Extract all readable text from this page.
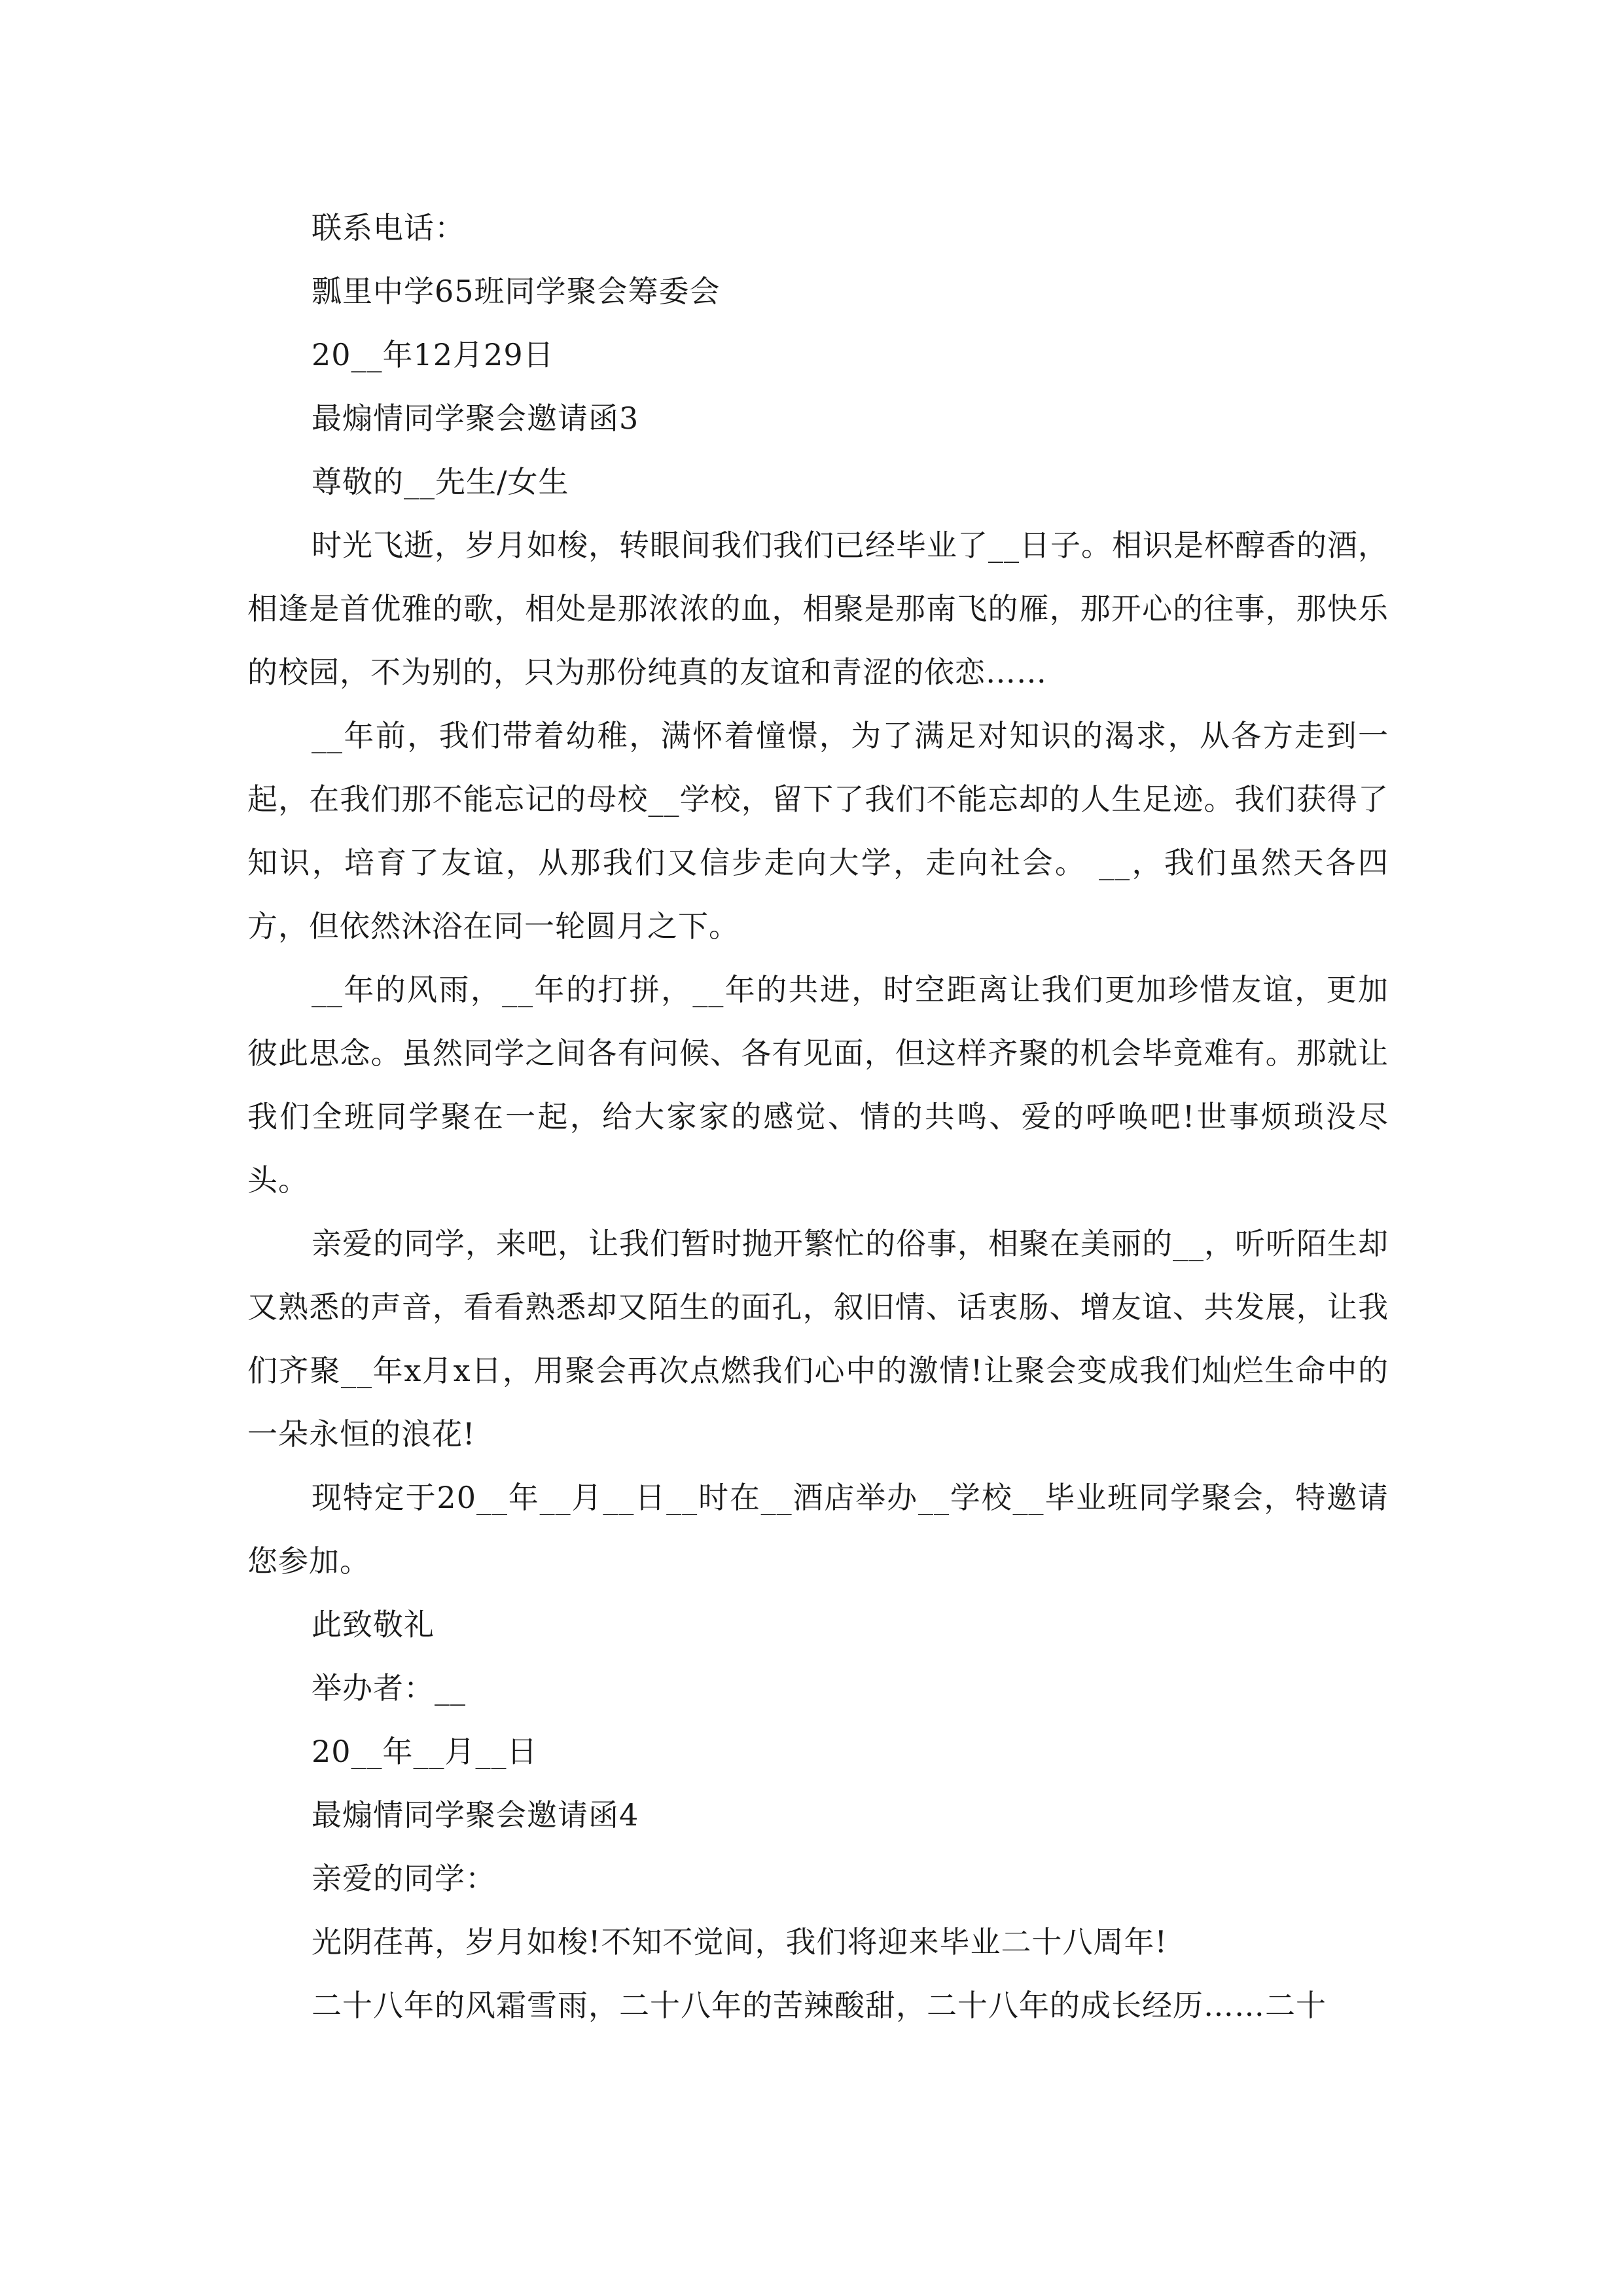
联系电话：
瓢里中学65班同学聚会筹委会
20__年12月29日
最煽情同学聚会邀请函3
尊敬的__先生/女生

时光飞逝，岁月如梭，转眼间我们我们已经毕业了__日子。相识是杯醇香的酒，相逢是首优雅的歌，相处是那浓浓的血，相聚是那南飞的雁，那开心的往事，那快乐的校园，不为别的，只为那份纯真的友谊和青涩的依恋……

__年前，我们带着幼稚，满怀着憧憬，为了满足对知识的渴求，从各方走到一起，在我们那不能忘记的母校__学校，留下了我们不能忘却的人生足迹。我们获得了知识，培育了友谊，从那我们又信步走向大学，走向社会。 __，我们虽然天各四方，但依然沐浴在同一轮圆月之下。

__年的风雨，__年的打拼，__年的共进，时空距离让我们更加珍惜友谊，更加彼此思念。虽然同学之间各有问候、各有见面，但这样齐聚的机会毕竟难有。那就让我们全班同学聚在一起，给大家家的感觉、情的共鸣、爱的呼唤吧!世事烦琐没尽头。

亲爱的同学，来吧，让我们暂时抛开繁忙的俗事，相聚在美丽的__，听听陌生却又熟悉的声音，看看熟悉却又陌生的面孔，叙旧情、话衷肠、增友谊、共发展，让我们齐聚__年x月x日，用聚会再次点燃我们心中的激情!让聚会变成我们灿烂生命中的一朵永恒的浪花!

现特定于20__年__月__日__时在__酒店举办__学校__毕业班同学聚会，特邀请您参加。

此致敬礼
举办者：__
20__年__月__日
最煽情同学聚会邀请函4
亲爱的同学：
光阴荏苒，岁月如梭!不知不觉间，我们将迎来毕业二十八周年!
二十八年的风霜雪雨，二十八年的苦辣酸甜，二十八年的成长经历……二十
